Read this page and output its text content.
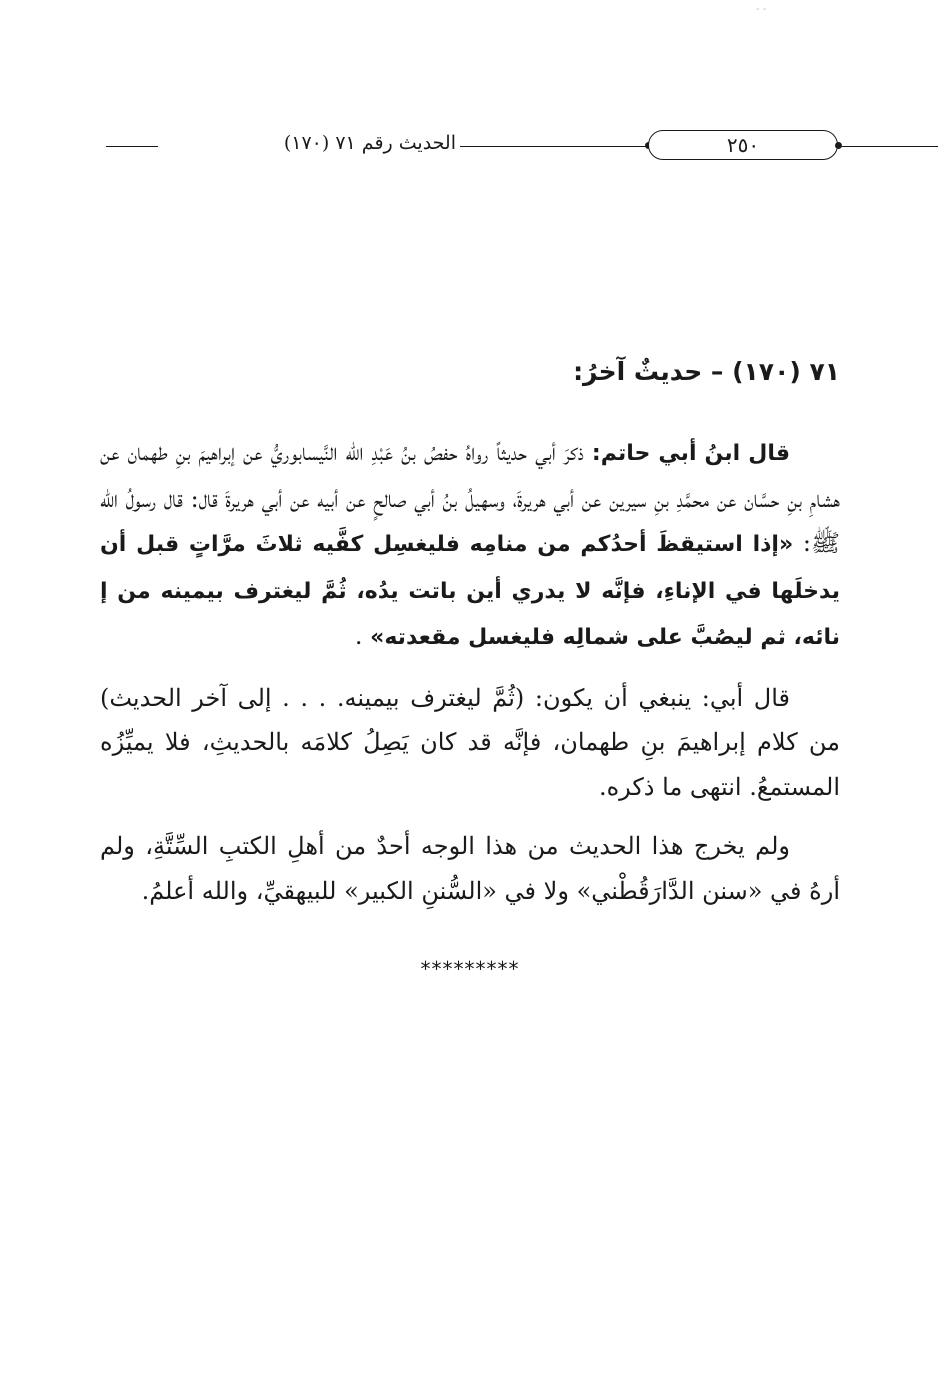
- -
الحديث رقم ٧١ (١٧٠)	٢٥٠
٧١ (١٧٠) – حديثٌ آخرُ:

قال ابنُ أبي حاتم: ذكرَ أبي حديثاً رواهُ حفصُ بنُ عَبْدِ الله النَّيسابوريُّ عن إبراهيمَ بنِ طهمان عن هشامِ بنِ حسَّان عن محمَّدِ بنِ سيرين عن أبي هريرةَ، وسهيلُ بنُ أبي صالحٍ عن أبيه عن أبي هريرةَ قال: قال رسولُ الله ﷺ: «إذا استيقظَ أحدُكم من منامِه فليغسِل كفَّيه ثلاثَ مرَّاتٍ قبل أن يدخلَها في الإناءِ، فإنَّه لا يدري أين باتت يدُه، ثُمَّ ليغترف بيمينه من إ نائه، ثم ليصُبَّ على شمالِه فليغسل مقعدته» .

قال أبي: ينبغي أن يكون: (ثُمَّ ليغترف بيمينه. . . . إلى آخر الحديث) من كلام إبراهيمَ بنِ طهمان، فإنَّه قد كان يَصِلُ كلامَه بالحديثِ، فلا يميِّزُه المستمعُ. انتهى ما ذكره.

ولم يخرج هذا الحديث من هذا الوجه أحدٌ من أهلِ الكتبِ السِّتَّةِ، ولم أرهُ في «سنن الدَّارَقُطْني» ولا في «السُّننِ الكبير» للبيهقيِّ، والله أعلمُ.

*********
